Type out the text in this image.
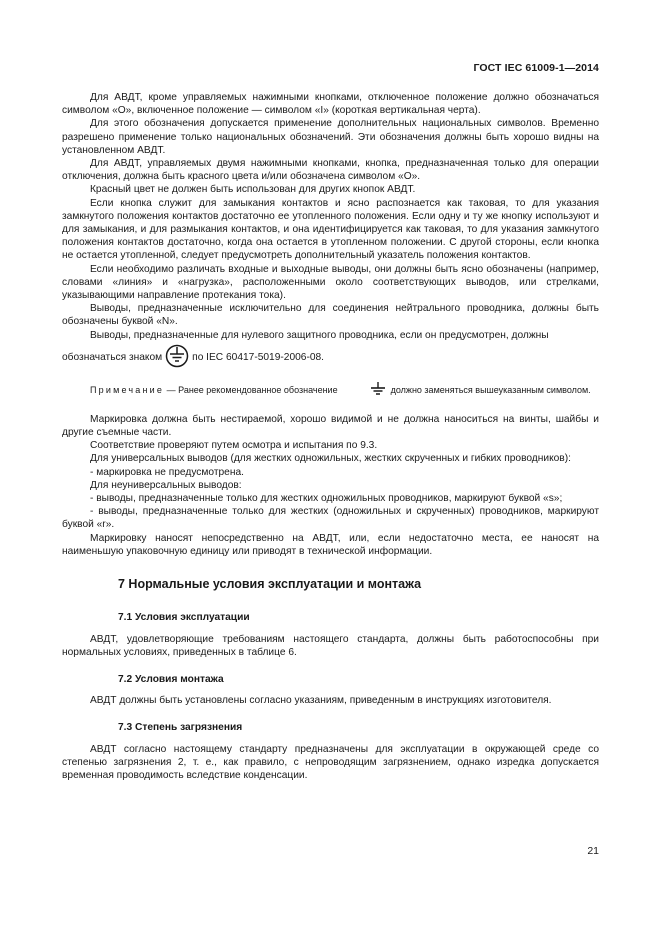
ГОСТ IEC 61009-1—2014

Для АВДТ, кроме управляемых нажимными кнопками, отключенное положение должно обозначаться символом «О», включенное положение — символом «I» (короткая вертикальная черта).

Для этого обозначения допускается применение дополнительных национальных символов. Временно разрешено применение только национальных обозначений. Эти обозначения должны быть хорошо видны на установленном АВДТ.

Для АВДТ, управляемых двумя нажимными кнопками, кнопка, предназначенная только для операции отключения, должна быть красного цвета и/или обозначена символом «О».

Красный цвет не должен быть использован для других кнопок АВДТ.

Если кнопка служит для замыкания контактов и ясно распознается как таковая, то для указания замкнутого положения контактов достаточно ее утопленного положения. Если одну и ту же кнопку используют и для замыкания, и для размыкания контактов, и она идентифицируется как таковая, то для указания замкнутого положения контактов достаточно, когда она остается в утопленном положении. С другой стороны, если кнопка не остается утопленной, следует предусмотреть дополнительный указатель положения контактов.

Если необходимо различать входные и выходные выводы, они должны быть ясно обозначены (например, словами «линия» и «нагрузка», расположенными около соответствующих выводов, или стрелками, указывающими направление протекания тока).

Выводы, предназначенные исключительно для соединения нейтрального проводника, должны быть обозначены буквой «N».

Выводы, предназначенные для нулевого защитного проводника, если он предусмотрен, должны

обозначаться знаком	по IEC 60417-5019-2006-08.

Примечание — Ранее рекомендованное обозначение	должно заменяться вышеуказанным символом.

Маркировка должна быть нестираемой, хорошо видимой и не должна наноситься на винты, шайбы и другие съемные части.

Соответствие проверяют путем осмотра и испытания по 9.3.

Для универсальных выводов (для жестких одножильных, жестких скрученных и гибких проводников):

- маркировка не предусмотрена.

Для неуниверсальных выводов:

- выводы, предназначенные только для жестких одножильных проводников, маркируют буквой «s»;

- выводы, предназначенные только для жестких (одножильных и скрученных) проводников, маркируют буквой «r».

Маркировку наносят непосредственно на АВДТ, или, если недостаточно места, ее наносят на наименьшую упаковочную единицу или приводят в технической информации.

7 Нормальные условия эксплуатации и монтажа

7.1 Условия эксплуатации

АВДТ, удовлетворяющие требованиям настоящего стандарта, должны быть работоспособны при нормальных условиях, приведенных в таблице 6.

7.2 Условия монтажа

АВДТ должны быть установлены согласно указаниям, приведенным в инструкциях изготовителя.

7.3 Степень загрязнения

АВДТ согласно настоящему стандарту предназначены для эксплуатации в окружающей среде со степенью загрязнения 2, т. е., как правило, с непроводящим загрязнением, однако изредка допускается временная проводимость вследствие конденсации.

21
